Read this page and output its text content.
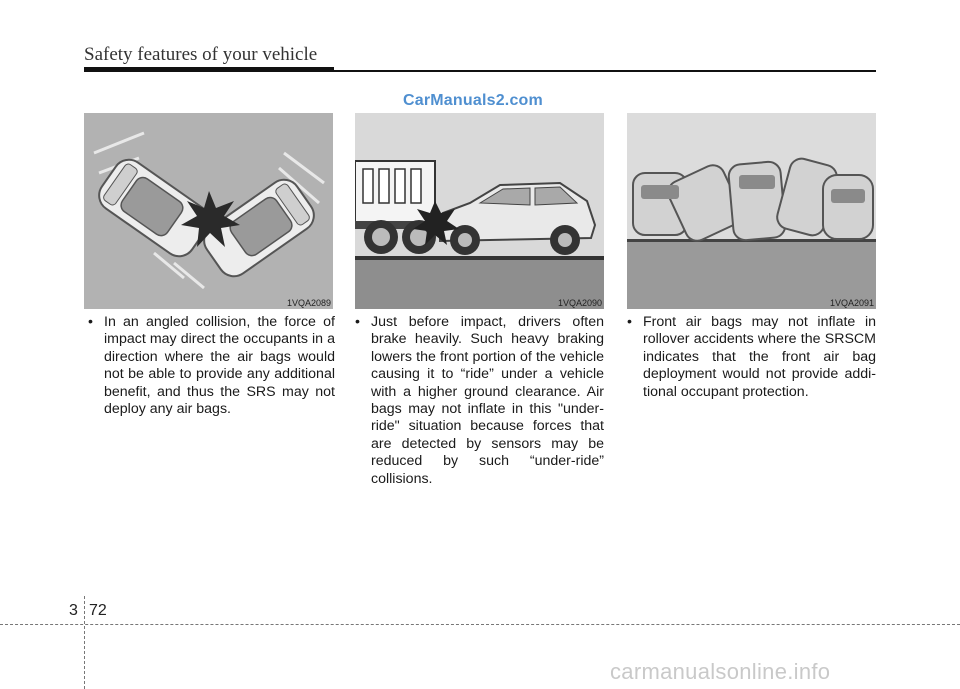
Safety features of your vehicle
CarManuals2.com
1VQA2089	1VQA2090	1VQA2091
• In an angled collision, the force of impact may direct the occupants in a direction where the air bags would not be able to provide any additional benefit, and thus the SRS may not deploy any air bags.
• Just before impact, drivers often brake heavily. Such heavy braking lowers the front portion of the vehicle causing it to “ride” under a vehicle with a higher ground clearance. Air bags may not inflate in this "under-ride" situation because forces that are detected by sensors may be reduced by such “under-ride” collisions.
• Front air bags may not inflate in rollover accidents where the SRSCM indicates that the front air bag deployment would not provide additional occupant protection.
3 72
carmanualsonline.info
